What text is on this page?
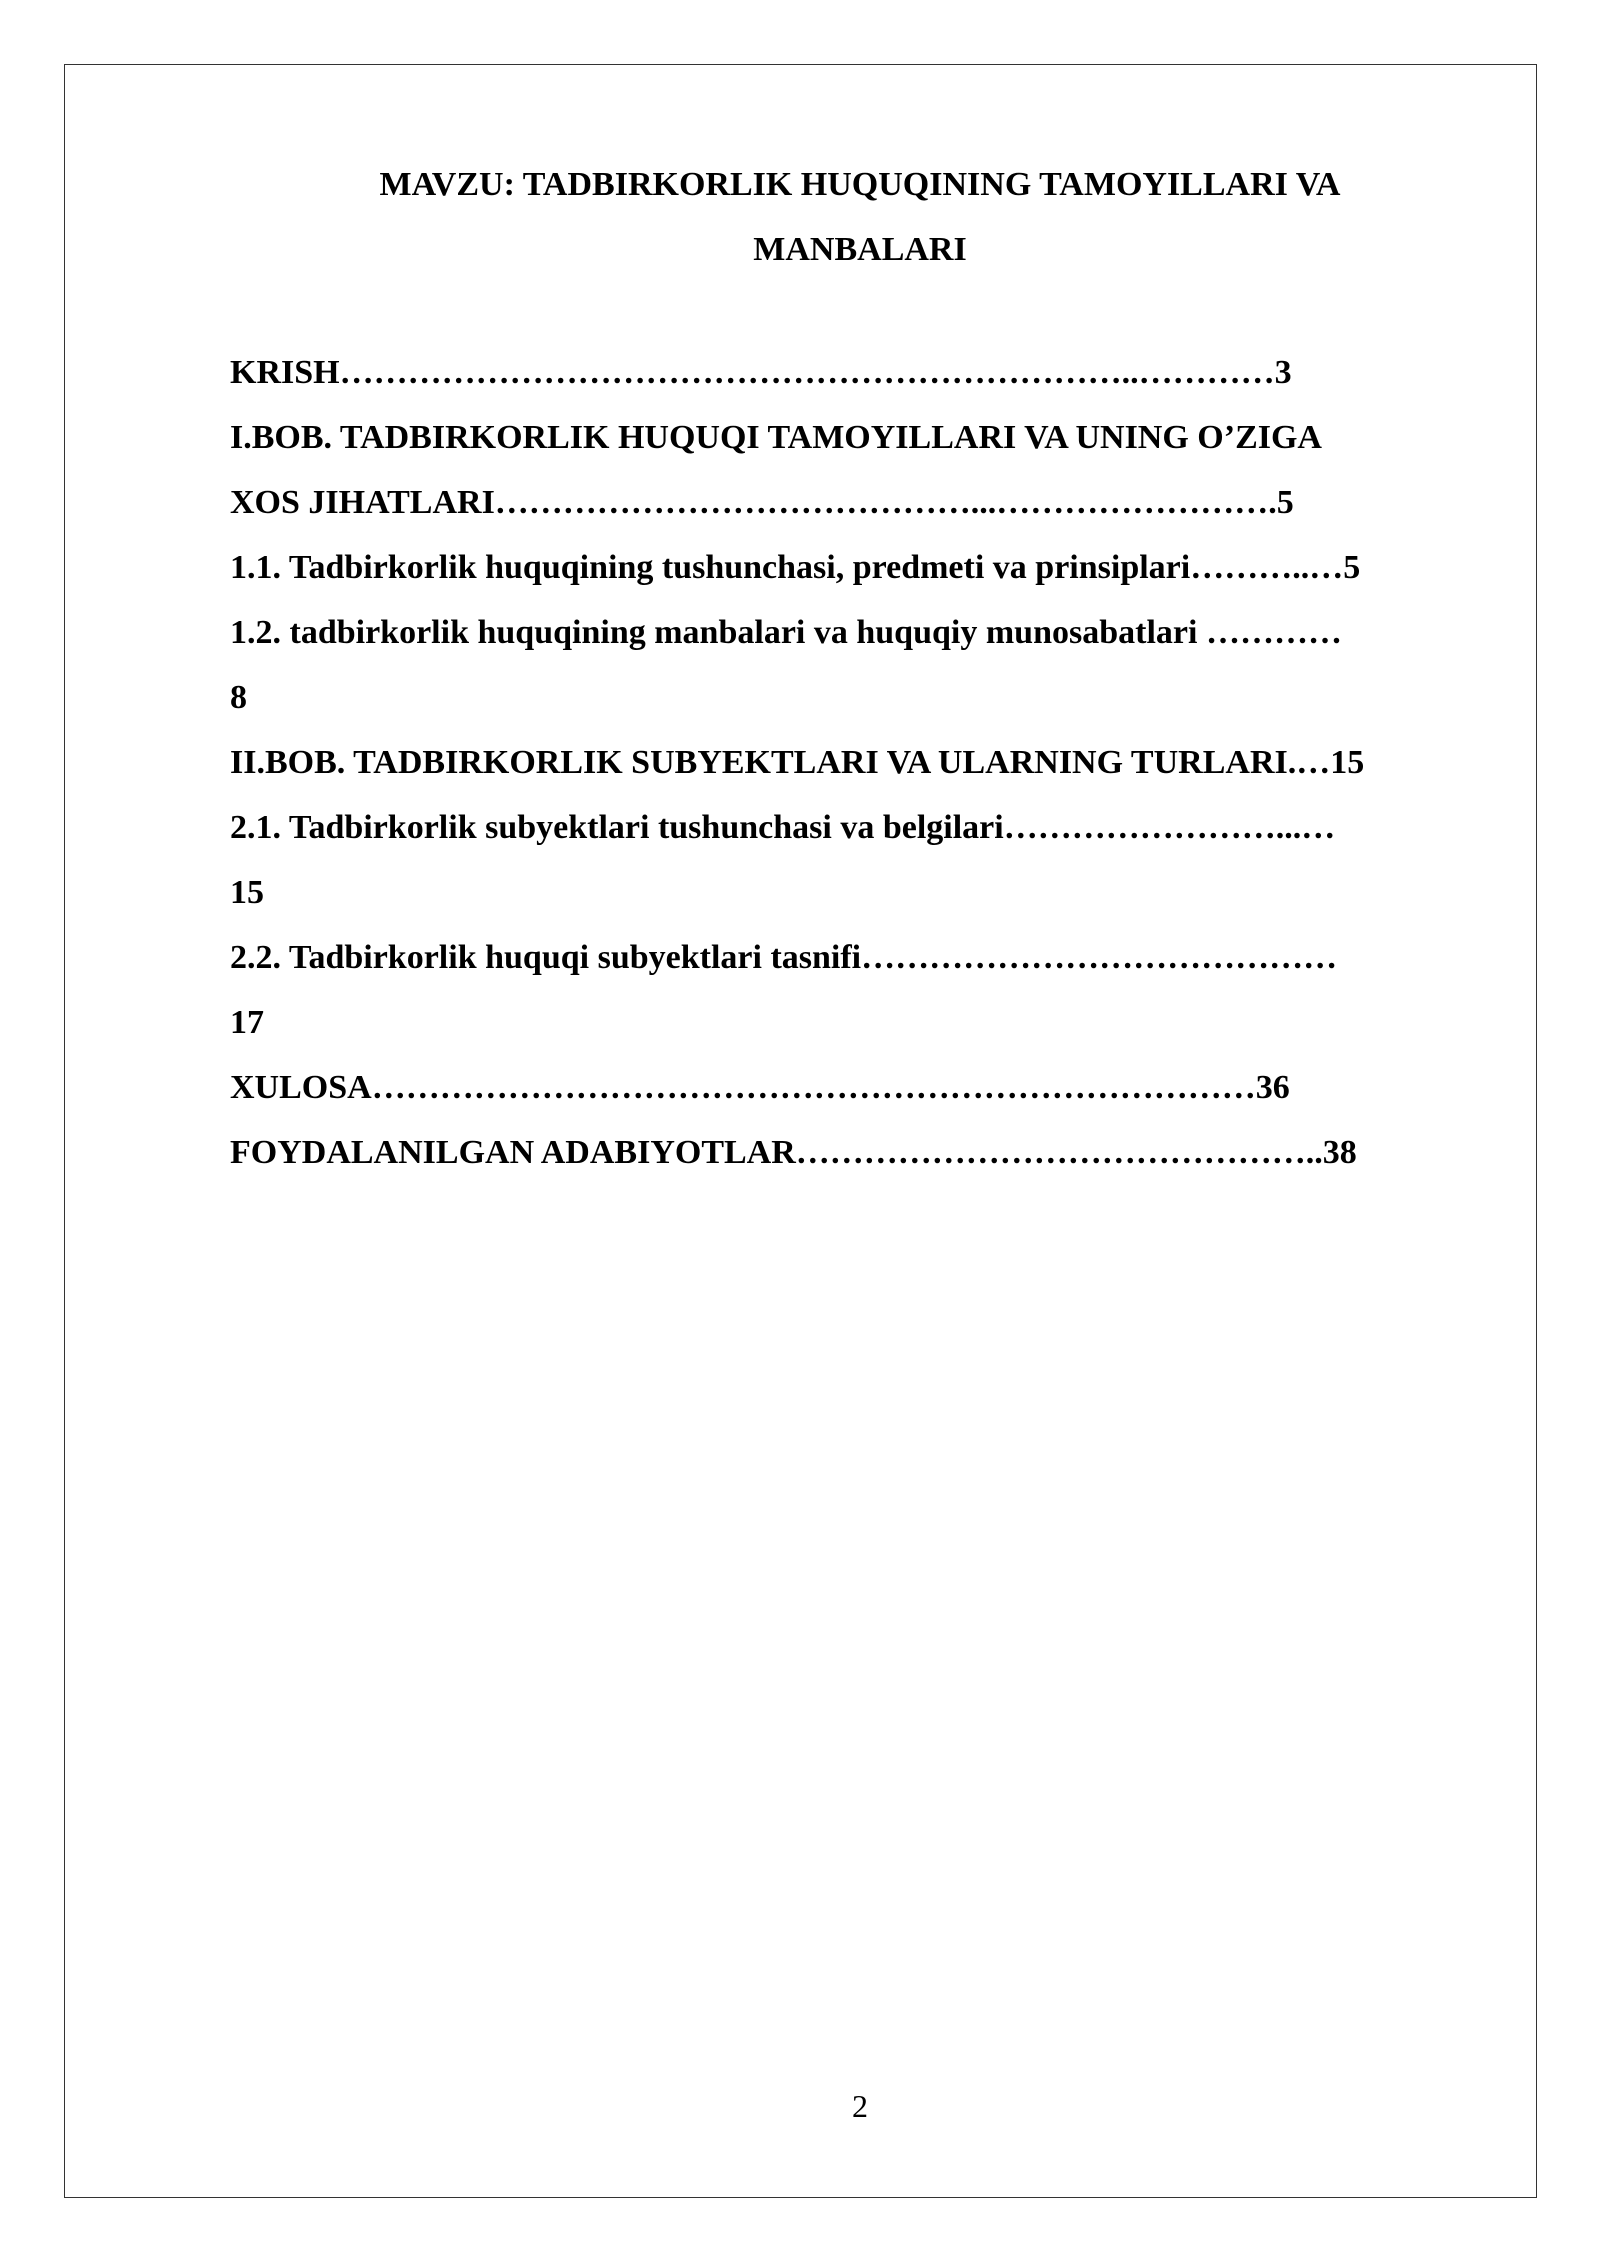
MAVZU: TADBIRKORLIK HUQUQINING TAMOYILLARI VA
MANBALARI
KRISH……………………………………………………………..…………3
I.BOB. TADBIRKORLIK HUQUQI TAMOYILLARI VA UNING O’ZIGA
XOS JIHATLARI……………………………………...…………………….5
1.1. Tadbirkorlik huquqining tushunchasi, predmeti va prinsiplari………..…5
1.2. tadbirkorlik huquqining manbalari va huquqiy munosabatlari …………
8
II.BOB. TADBIRKORLIK SUBYEKTLARI VA ULARNING TURLARI.…15
2.1. Tadbirkorlik subyektlari tushunchasi va belgilari……………………...…
15
2.2. Tadbirkorlik huquqi subyektlari tasnifi……………………………………
17
XULOSA……………………………………………………………………36
FOYDALANILGAN ADABIYOTLAR………………………………………..38
2
